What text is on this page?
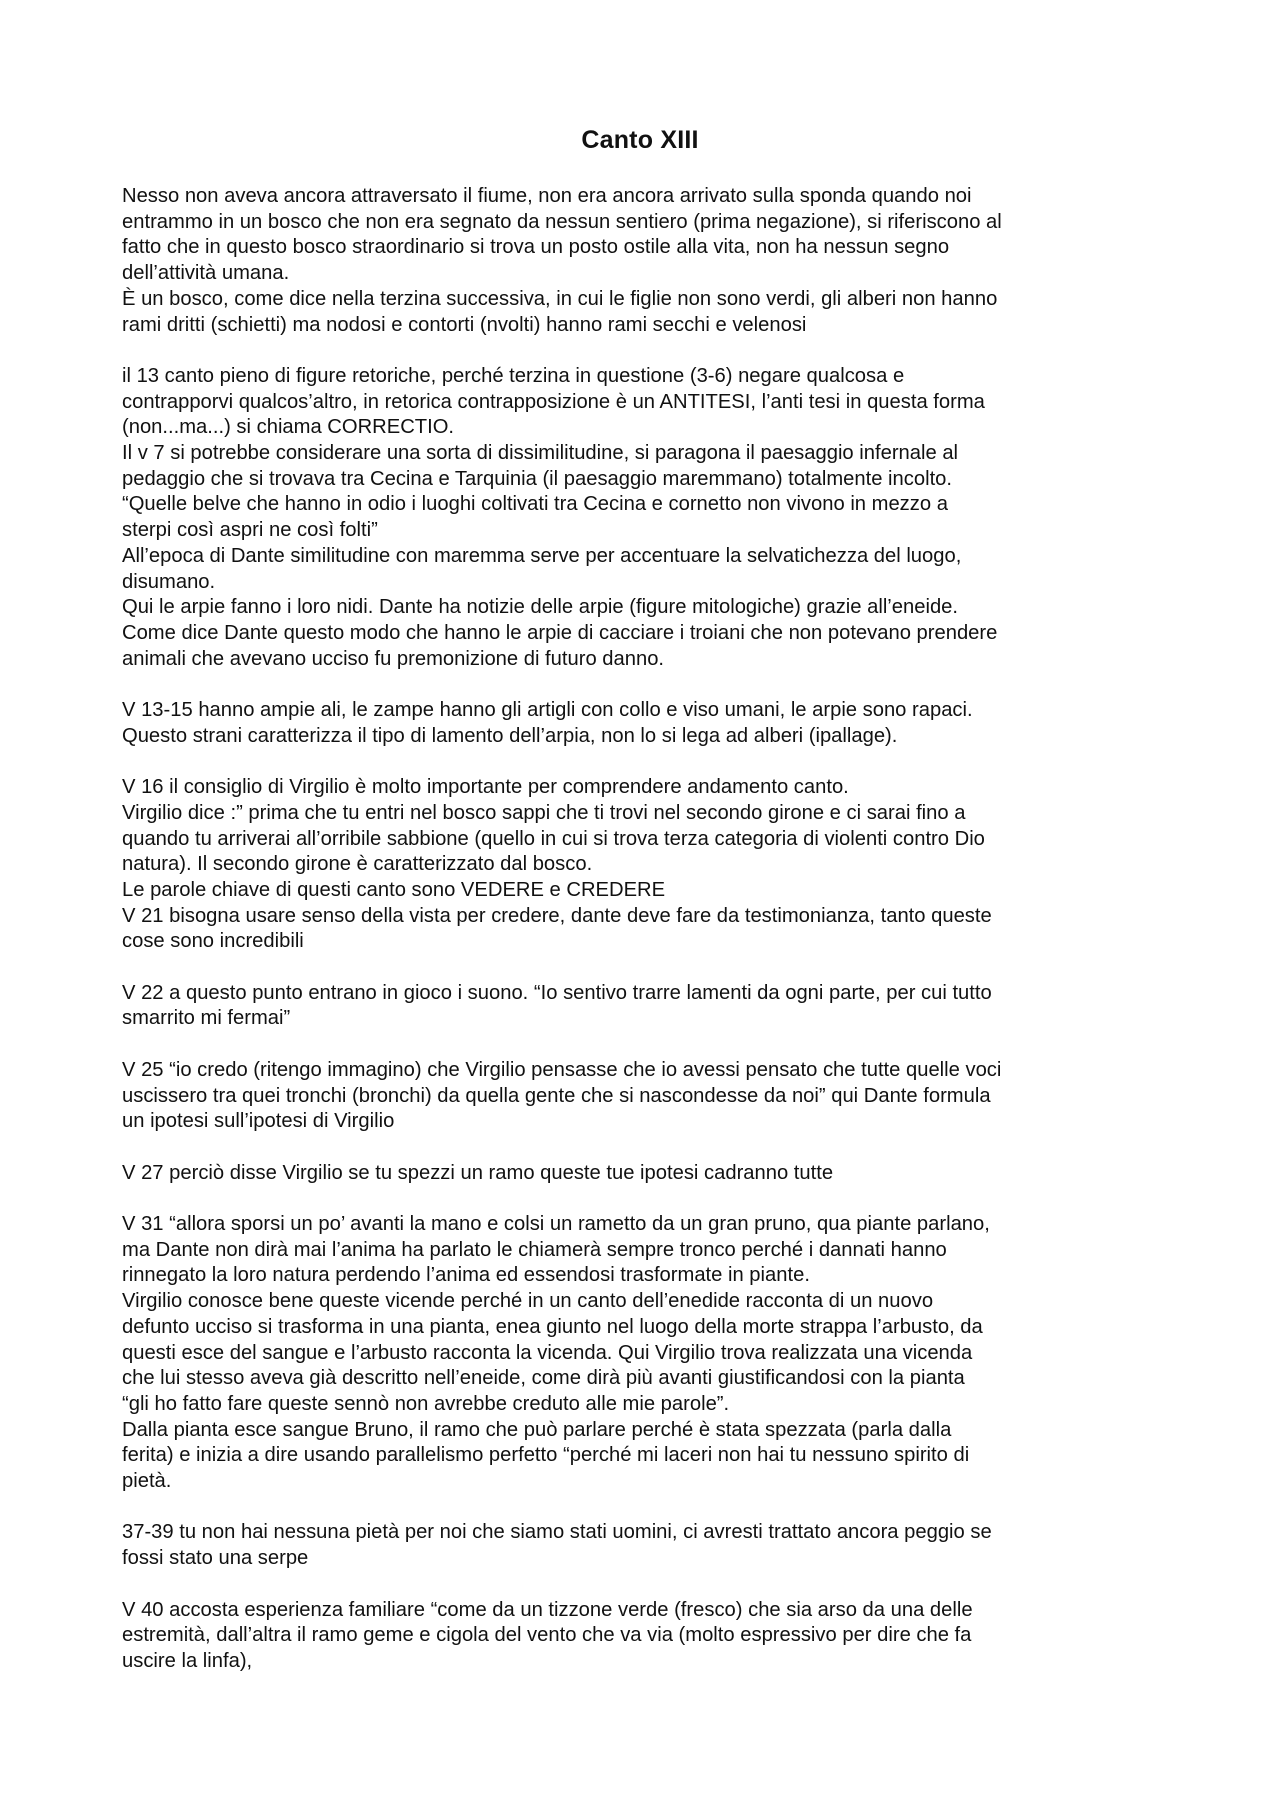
Canto XIII
Nesso non aveva ancora attraversato il fiume, non era ancora arrivato sulla sponda quando noi
entrammo in un bosco che non era segnato da nessun sentiero (prima negazione), si riferiscono al
fatto che in questo bosco straordinario si trova un posto ostile alla vita, non ha nessun segno
dell’attività umana.
È un bosco, come dice nella terzina successiva, in cui le figlie non sono verdi, gli alberi non hanno
rami dritti (schietti) ma nodosi e contorti (nvolti) hanno rami secchi e velenosi
il 13 canto pieno di figure retoriche, perché terzina in questione (3-6) negare qualcosa e
contrapporvi qualcos’altro, in retorica contrapposizione è un ANTITESI, l’anti tesi in questa forma
(non...ma...) si chiama CORRECTIO.
Il v 7 si potrebbe considerare una sorta di dissimilitudine, si paragona il paesaggio infernale al
pedaggio che si trovava tra Cecina e Tarquinia (il paesaggio maremmano) totalmente incolto.
“Quelle belve che hanno in odio i luoghi coltivati tra Cecina e cornetto non vivono in mezzo a
sterpi così aspri ne così folti”
All’epoca di Dante similitudine con maremma serve per accentuare la selvatichezza del luogo,
disumano.
Qui le arpie fanno i loro nidi. Dante ha notizie delle arpie (figure mitologiche) grazie all’eneide.
Come dice Dante questo modo che hanno le arpie di cacciare i troiani che non potevano prendere
animali che avevano ucciso fu premonizione di futuro danno.
V 13-15 hanno ampie ali, le zampe hanno gli artigli con collo e viso umani, le arpie sono rapaci.
Questo strani caratterizza il tipo di lamento dell’arpia, non lo si lega ad alberi (ipallage).
V 16 il consiglio di Virgilio è molto importante per comprendere andamento canto.
Virgilio dice :” prima che tu entri nel bosco sappi che ti trovi nel secondo girone e ci sarai fino a
quando tu arriverai all’orribile sabbione (quello in cui si trova terza categoria di violenti contro Dio
natura). Il secondo girone è caratterizzato dal bosco.
Le parole chiave di questi canto sono VEDERE e CREDERE
V 21 bisogna usare senso della vista per credere, dante deve fare da testimonianza, tanto queste
cose sono incredibili
V 22 a questo punto entrano in gioco i suono. “Io sentivo trarre lamenti da ogni parte, per cui tutto
smarrito mi fermai”
V 25 “io credo (ritengo immagino) che Virgilio pensasse che io avessi pensato che tutte quelle voci
uscissero tra quei tronchi (bronchi) da quella gente che si nascondesse da noi” qui Dante formula
un ipotesi sull’ipotesi di Virgilio
V 27 perciò disse Virgilio se tu spezzi un ramo queste tue ipotesi cadranno tutte
V 31 “allora sporsi un po’ avanti la mano e colsi un rametto da un gran pruno, qua piante parlano,
ma Dante non dirà mai l’anima ha parlato le chiamerà sempre tronco perché i dannati hanno
rinnegato la loro natura perdendo l’anima ed essendosi trasformate in piante.
Virgilio conosce bene queste vicende perché in un canto dell’enedide racconta di un nuovo
defunto ucciso si trasforma in una pianta, enea giunto nel luogo della morte strappa l’arbusto, da
questi esce del sangue e l’arbusto racconta la vicenda. Qui Virgilio trova realizzata una vicenda
che lui stesso aveva già descritto nell’eneide, come dirà più avanti giustificandosi con la pianta
“gli ho fatto fare queste sennò non avrebbe creduto alle mie parole”.
Dalla pianta esce sangue Bruno, il ramo che può parlare perché è stata spezzata (parla dalla
ferita) e inizia a dire usando parallelismo perfetto “perché mi laceri non hai tu nessuno spirito di
pietà.
37-39 tu non hai nessuna pietà per noi che siamo stati uomini, ci avresti trattato ancora peggio se
fossi stato una serpe
V 40 accosta esperienza familiare “come da un tizzone verde (fresco) che sia arso da una delle
estremità, dall’altra il ramo geme e cigola del vento che va via (molto espressivo per dire che fa
uscire la linfa),
